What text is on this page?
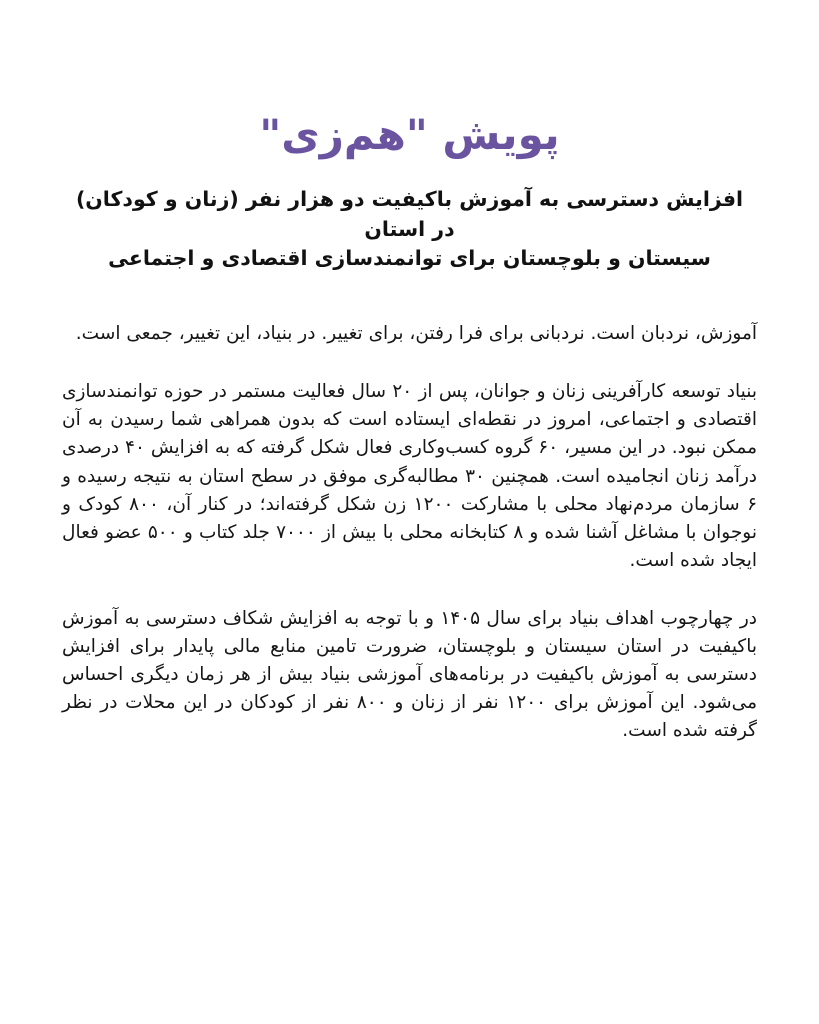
پویش "هم‌زی"
افزایش دسترسی به آموزش باکیفیت دو هزار نفر (زنان و کودکان) در استان
سیستان و بلوچستان برای توانمندسازی اقتصادی و اجتماعی

آموزش، نردبان است. نردبانی برای فرا رفتن، برای تغییر. در بنیاد، این تغییر، جمعی است.

بنیاد توسعه کارآفرینی زنان و جوانان، پس از ۲۰ سال فعالیت مستمر در حوزه توانمندسازی اقتصادی و اجتماعی، امروز در نقطه‌ای ایستاده است که بدون همراهی شما رسیدن به آن ممکن نبود. در این مسیر، ۶۰ گروه کسب‌وکاری فعال شکل گرفته که به افزایش ۴۰ درصدی درآمد زنان انجامیده است. همچنین ۳۰ مطالبه‌گری موفق در سطح استان به نتیجه رسیده و ۶ سازمان مردم‌نهاد محلی با مشارکت ۱۲۰۰ زن شکل گرفته‌اند؛ در کنار آن، ۸۰۰ کودک و نوجوان با مشاغل آشنا شده و ۸ کتابخانه محلی با بیش از ۷۰۰۰ جلد کتاب و ۵۰۰ عضو فعال ایجاد شده است.

در چهارچوب اهداف بنیاد برای سال ۱۴۰۵ و با توجه به افزایش شکاف دسترسی به آموزش باکیفیت در استان سیستان و بلوچستان، ضرورت تامین منابع مالی پایدار برای افزایش دسترسی به آموزش باکیفیت در برنامه‌های آموزشی بنیاد بیش از هر زمان دیگری احساس می‌شود. این آموزش برای ۱۲۰۰ نفر از زنان و ۸۰۰ نفر از کودکان در این محلات در نظر گرفته شده است.
